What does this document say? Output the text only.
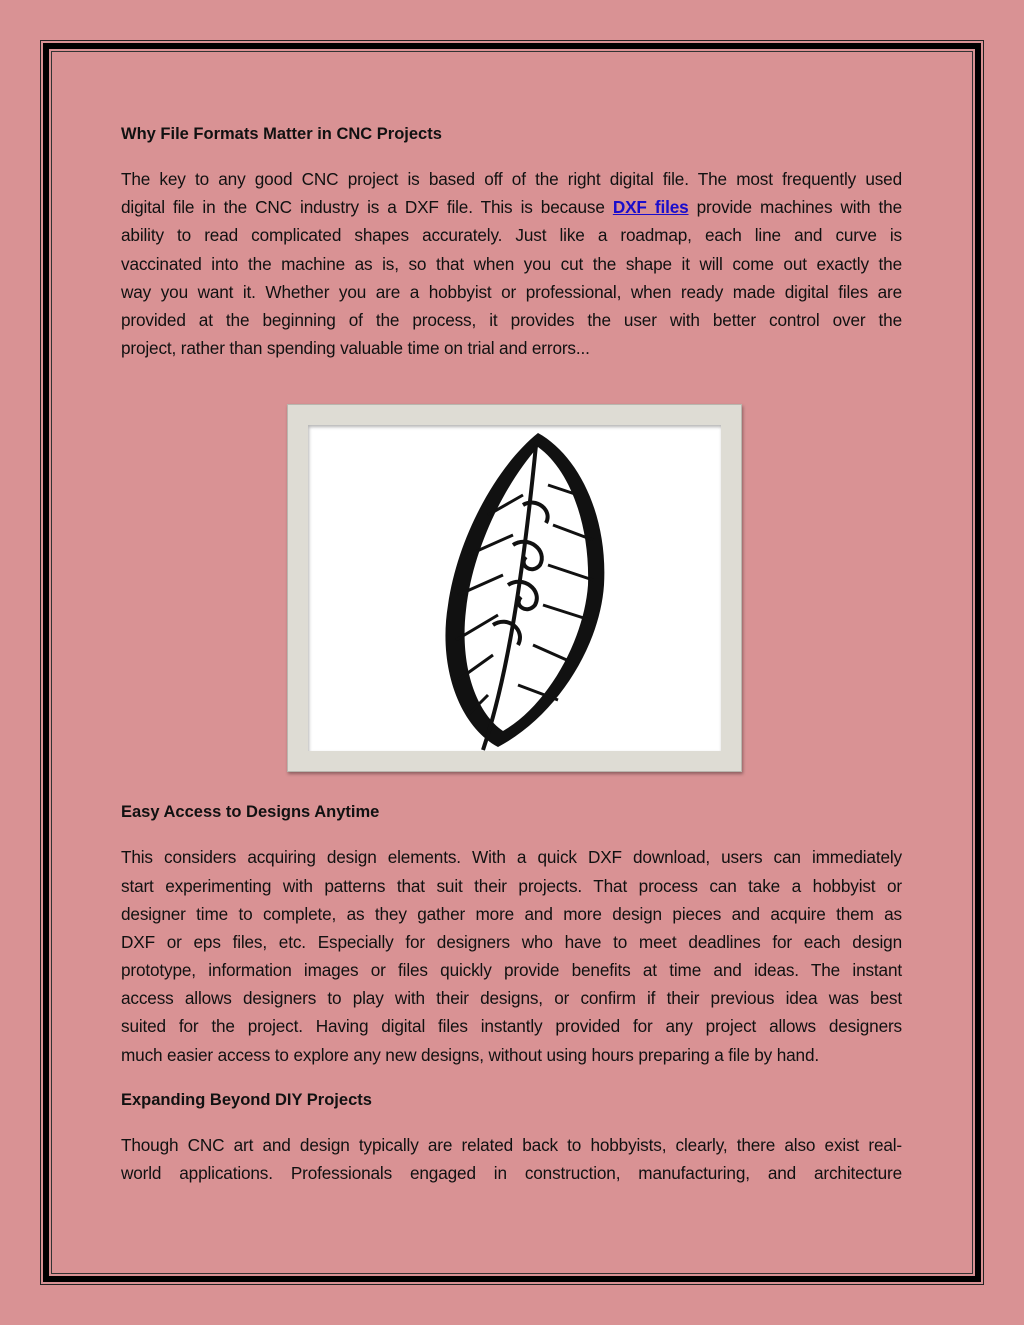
Why File Formats Matter in CNC Projects
The key to any good CNC project is based off of the right digital file. The most frequently used
digital file in the CNC industry is a DXF file. This is because DXF files provide machines with the
ability to read complicated shapes accurately. Just like a roadmap, each line and curve is
vaccinated into the machine as is, so that when you cut the shape it will come out exactly the
way you want it. Whether you are a hobbyist or professional, when ready made digital files are
provided at the beginning of the process, it provides the user with better control over the
project, rather than spending valuable time on trial and errors...
Easy Access to Designs Anytime
This considers acquiring design elements. With a quick DXF download, users can immediately
start experimenting with patterns that suit their projects. That process can take a hobbyist or
designer time to complete, as they gather more and more design pieces and acquire them as
DXF or eps files, etc. Especially for designers who have to meet deadlines for each design
prototype, information images or files quickly provide benefits at time and ideas. The instant
access allows designers to play with their designs, or confirm if their previous idea was best
suited for the project. Having digital files instantly provided for any project allows designers
much easier access to explore any new designs, without using hours preparing a file by hand.
Expanding Beyond DIY Projects
Though CNC art and design typically are related back to hobbyists, clearly, there also exist real-
world applications. Professionals engaged in construction, manufacturing, and architecture
